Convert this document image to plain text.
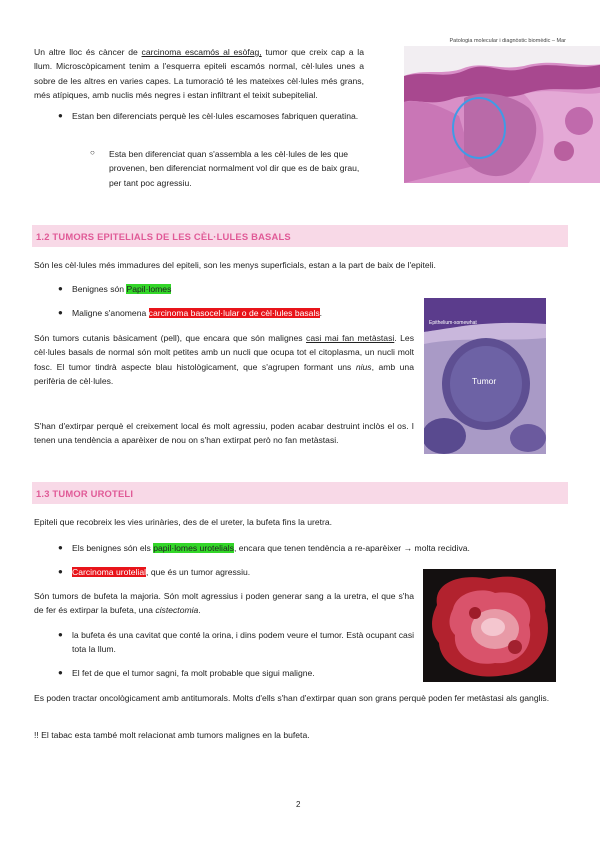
Patologia molecular i diagnòstic biomèdic – Mar
Un altre lloc és càncer de carcinoma escamós al esòfag, tumor que creix cap a la llum. Microscòpicament tenim a l'esquerra epiteli escamós normal, cèl·lules unes a sobre de les altres en varies capes. La tumoració té les mateixes cèl·lules més grans, més atípiques, amb nuclis més negres i estan infiltrant el teixit subepitelial.
● Estan ben diferenciats perquè les cèl·lules escamoses fabriquen queratina.
○ Esta ben diferenciat quan s'assembla a les cèl·lules de les que provenen, ben diferenciat normalment vol dir que es de baix grau, per tant poc agressiu.
1.2 TUMORS EPITELIALS DE LES CÈL·LULES BASALS
Són les cèl·lules més immadures del epiteli, son les menys superficials, estan a la part de baix de l'epiteli.
● Benignes són Papil·lomes
● Maligne s'anomena carcinoma basocel·lular o de cèl·lules basals.
Epithelium-somewhat
Tumor
Són tumors cutanis bàsicament (pell), que encara que són malignes casi mai fan metàstasi. Les cèl·lules basals de normal són molt petites amb un nucli que ocupa tot el citoplasma, un nucli molt fosc. El tumor tindrà aspecte blau histològicament, que s'agrupen formant uns nius, amb una perifèria de cèl·lules.
S'han d'extirpar perquè el creixement local és molt agressiu, poden acabar destruint inclòs el os. I tenen una tendència a aparèixer de nou on s'han extirpat però no fan metàstasi.
1.3 TUMOR UROTELI
Epiteli que recobreix les vies urinàries, des de el ureter, la bufeta fins la uretra.
● Els benignes són els papil·lomes urotelials, encara que tenen tendència a re-aparèixer → molta recidiva.
● Carcinoma urotelial, que és un tumor agressiu.
Són tumors de bufeta la majoria. Són molt agressius i poden generar sang a la uretra, el que s'ha de fer és extirpar la bufeta, una cistectomia.
● la bufeta és una cavitat que conté la orina, i dins podem veure el tumor. Està ocupant casi tota la llum.
● El fet de que el tumor sagni, fa molt probable que sigui maligne.
Es poden tractar oncològicament amb antitumorals. Molts d'ells s'han d'extirpar quan son grans perquè poden fer metàstasi als ganglis.
!! El tabac esta també molt relacionat amb tumors malignes en la bufeta.
2
